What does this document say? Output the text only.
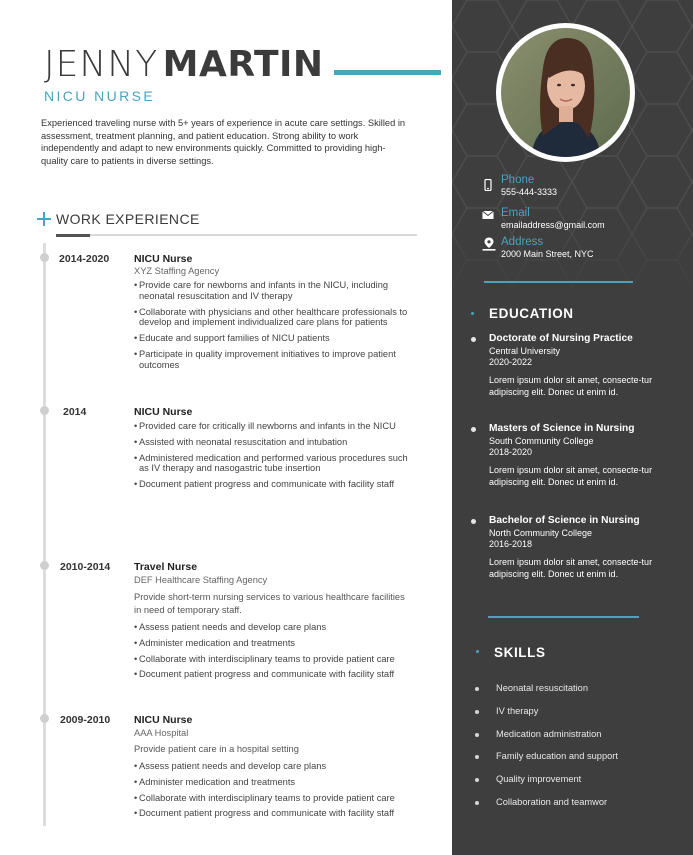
JENNY MARTIN
NICU NURSE
Experienced traveling nurse with 5+ years of experience in acute care settings. Skilled in assessment, treatment planning, and patient education. Strong ability to work independently and adapt to new environments quickly. Committed to providing high-quality care to patients in diverse settings.
WORK EXPERIENCE
2014-2020 NICU Nurse
XYZ Staffing Agency
• Provide care for newborns and infants in the NICU, including neonatal resuscitation and IV therapy
• Collaborate with physicians and other healthcare professionals to develop and implement individualized care plans for patients
• Educate and support families of NICU patients
• Participate in quality improvement initiatives to improve patient outcomes
2014	NICU Nurse
• Provided care for critically ill newborns and infants in the NICU
• Assisted with neonatal resuscitation and intubation
• Administered medication and performed various procedures such as IV therapy and nasogastric tube insertion
• Document patient progress and communicate with facility staff
2010-2014 Travel Nurse
DEF Healthcare Staffing Agency
Provide short-term nursing services to various healthcare facilities in need of temporary staff.
• Assess patient needs and develop care plans
• Administer medication and treatments
• Collaborate with interdisciplinary teams to provide patient care
• Document patient progress and communicate with facility staff
2009-2010 NICU Nurse
AAA Hospital
Provide patient care in a hospital setting
• Assess patient needs and develop care plans
• Administer medication and treatments
• Collaborate with interdisciplinary teams to provide patient care
• Document patient progress and communicate with facility staff
Phone
555-444-3333
Email
emailaddress@gmail.com
Address
2000 Main Street, NYC
EDUCATION
Doctorate of Nursing Practice
Central University
2020-2022
Lorem ipsum dolor sit amet, consecte-tur adipiscing elit. Donec ut enim id.
Masters of Science in Nursing
South Community College
2018-2020
Lorem ipsum dolor sit amet, consecte-tur adipiscing elit. Donec ut enim id.
Bachelor of Science in Nursing
North Community College
2016-2018
Lorem ipsum dolor sit amet, consecte-tur adipiscing elit. Donec ut enim id.
SKILLS
Neonatal resuscitation
IV therapy
Medication administration
Family education and support
Quality improvement
Collaboration and teamwor
